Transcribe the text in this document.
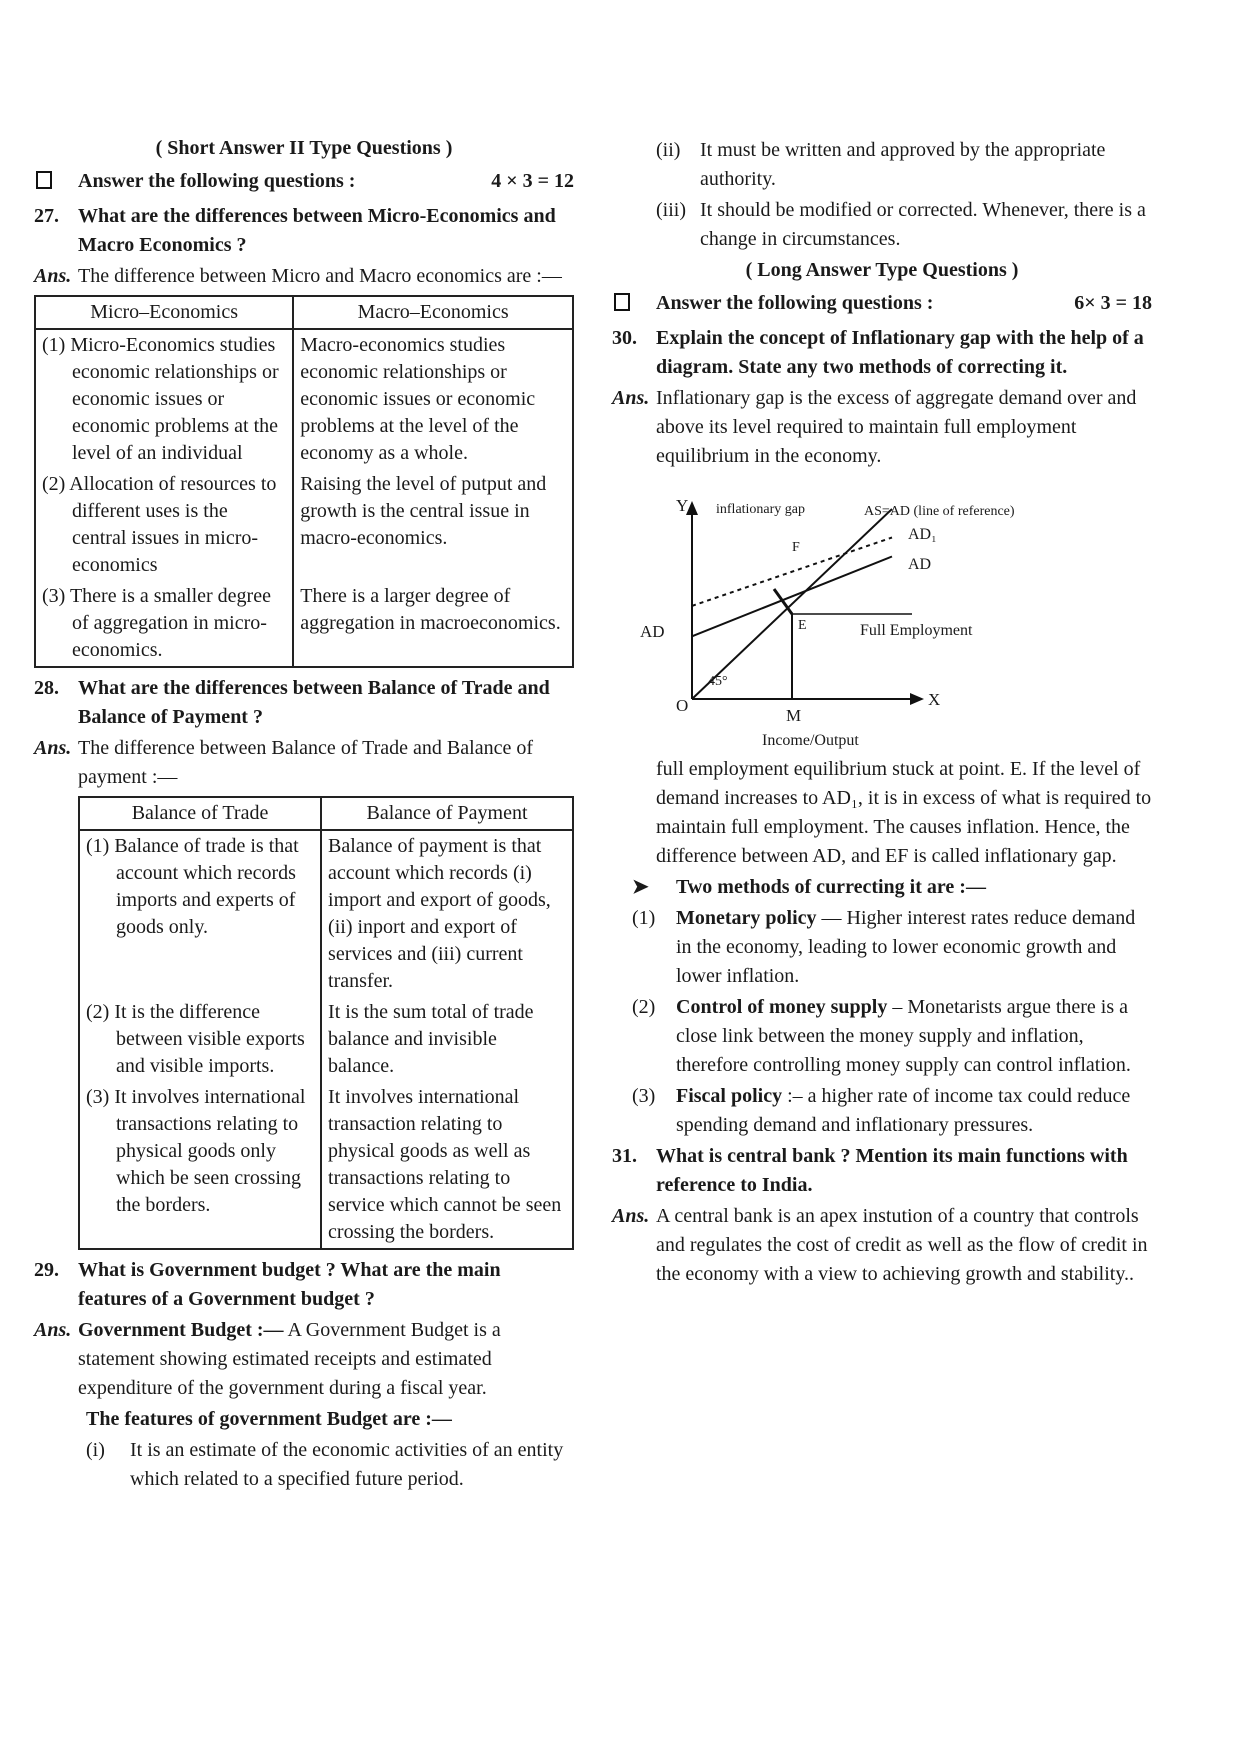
( Short Answer II Type Questions )
Answer the following questions :	4 × 3 = 12
27. What are the differences between Micro-Economics and Macro Economics ?
Ans. The difference between Micro and Macro economics are :—
Micro–Economics	Macro–Economics

(1) Micro-Economics studies economic relationships or economic issues or economic problems at the level of an individual	Macro-economics studies economic relationships or economic issues or economic problems at the level of the economy as a whole.

(2) Allocation of resources to different uses is the central issues in micro-economics	Raising the level of putput and growth is the central issue in macro-economics.

(3) There is a smaller degree of aggregation in micro-economics.	There is a larger degree of aggregation in macroeconomics.
28. What are the differences between Balance of Trade and Balance of Payment ?
Ans. The difference between Balance of Trade and Balance of payment :—
Balance of Trade	Balance of Payment

(1) Balance of trade is that account which records imports and experts of goods only.	Balance of payment is that account which records (i) import and export of goods, (ii) inport and export of services and (iii) current transfer.

(2) It is the difference between visible exports and visible imports.	It is the sum total of trade balance and invisible balance.

(3) It involves international transactions relating to physical goods only which be seen crossing the borders.	It involves international transaction relating to physical goods as well as transactions relating to service which cannot be seen crossing the borders.
29. What is Government budget ? What are the main features of a Government budget ?
Ans. Government Budget :— A Government Budget is a statement showing estimated receipts and estimated expenditure of the government during a fiscal year.
The features of government Budget are :—
(i)	It is an estimate of the economic activities of an entity which related to a specified future period.
(ii) It must be written and approved by the appropriate authority.
(iii) It should be modified or corrected. Whenever, there is a change in circumstances.
( Long Answer Type Questions )
Answer the following questions :	6× 3 = 18
30. Explain the concept of Inflationary gap with the help of a diagram. State any two methods of correcting it.
Ans. Inflationary gap is the excess of aggregate demand over and above its level required to maintain full employment equilibrium in the economy.
Y
X
O
45°
E
F
M
Income/Output
AD	Full Employment
inflationary gap	AS=AD (line of reference)
AD₁
AD
full employment equilibrium stuck at point. E. If the level of demand increases to AD₁, it is in excess of what is required to maintain full employment. The causes inflation. Hence, the difference between AD, and EF is called inflationary gap.
➤	Two methods of currecting it are :—
(1)	Monetary policy — Higher interest rates reduce demand in the economy, leading to lower economic growth and lower inflation.
(2)	Control of money supply – Monetarists argue there is a close link between the money supply and inflation, therefore controlling money supply can control inflation.
(3)	Fiscal policy :– a higher rate of income tax could reduce spending demand and inflationary pressures.
31. What is central bank ? Mention its main functions with reference to India.
Ans. A central bank is an apex instution of a country that controls and regulates the cost of credit as well as the flow of credit in the economy with a view to achieving growth and stability..
